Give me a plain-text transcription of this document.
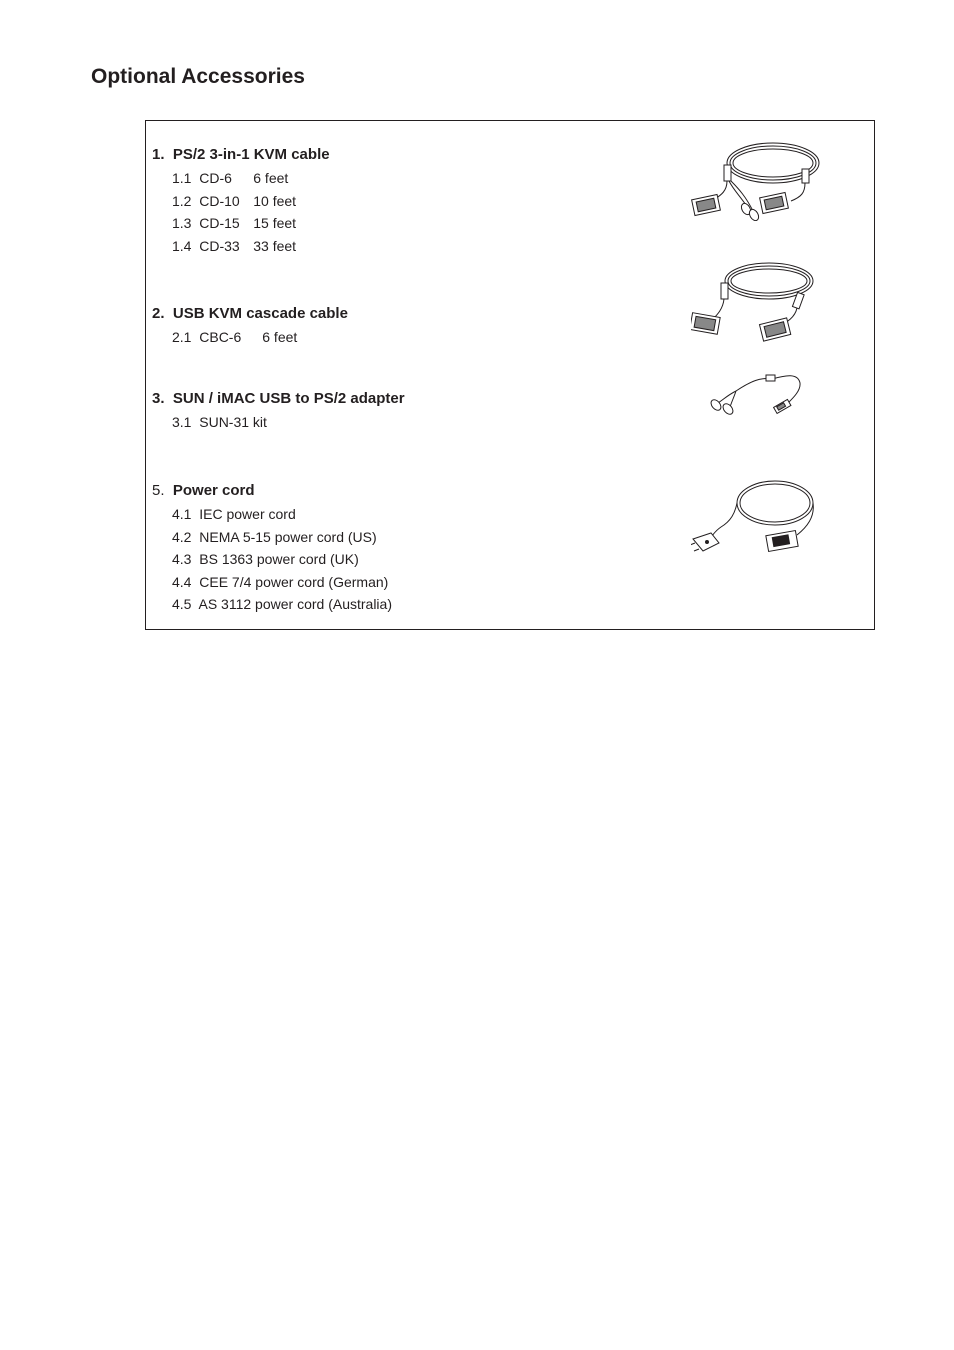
Optional Accessories
1. PS/2 3-in-1 KVM cable
1.1 CD-6 6 feet
1.2 CD-10 10 feet
1.3 CD-15 15 feet
1.4 CD-33 33 feet
2. USB KVM cascade cable
2.1 CBC-6 6 feet
3. SUN / iMAC USB to PS/2 adapter
3.1 SUN-31 kit
5. Power cord
4.1 IEC power cord
4.2 NEMA 5-15 power cord (US)
4.3 BS 1363 power cord (UK)
4.4 CEE 7/4 power cord (German)
4.5 AS 3112 power cord (Australia)
